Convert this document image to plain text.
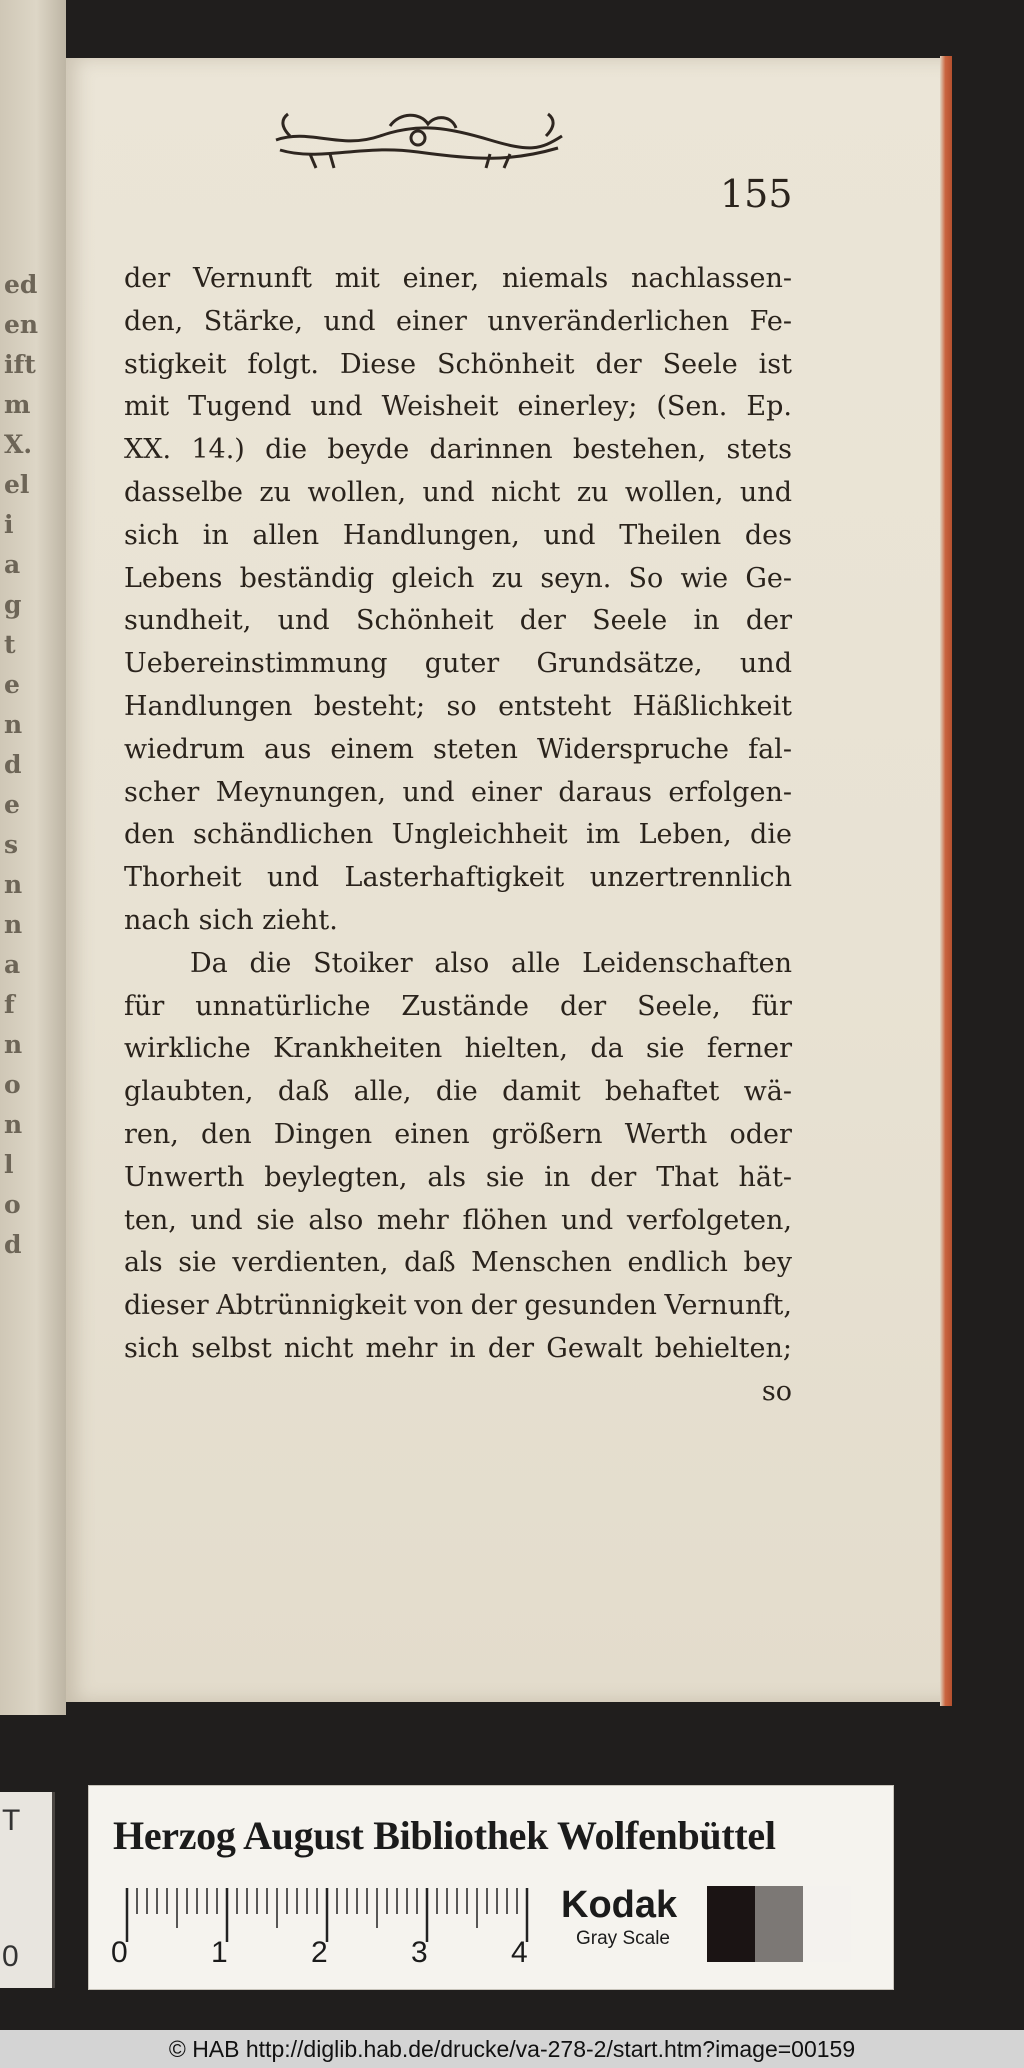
ed
en
ift
m
X.
el
i
a
g
t
e
n
d
e
s
n
n
a
f
n
o
n
l
o
d
155
der Vernunft mit einer, niemals nachlassen-
den, Stärke, und einer unveränderlichen Fe-
stigkeit folgt. Diese Schönheit der Seele ist
mit Tugend und Weisheit einerley; (Sen. Ep.
XX. 14.) die beyde darinnen bestehen, stets
dasselbe zu wollen, und nicht zu wollen, und
sich in allen Handlungen, und Theilen des
Lebens beständig gleich zu seyn. So wie Ge-
sundheit, und Schönheit der Seele in der
Uebereinstimmung guter Grundsätze, und
Handlungen besteht; so entsteht Häßlichkeit
wiedrum aus einem steten Widerspruche fal-
scher Meynungen, und einer daraus erfolgen-
den schändlichen Ungleichheit im Leben, die
Thorheit und Lasterhaftigkeit unzertrennlich
nach sich zieht.
Da die Stoiker also alle Leidenschaften
für unnatürliche Zustände der Seele, für
wirkliche Krankheiten hielten, da sie ferner
glaubten, daß alle, die damit behaftet wä-
ren, den Dingen einen größern Werth oder
Unwerth beylegten, als sie in der That hät-
ten, und sie also mehr flöhen und verfolgeten,
als sie verdienten, daß Menschen endlich bey
dieser Abtrünnigkeit von der gesunden Vernunft,
sich selbst nicht mehr in der Gewalt behielten;
so
Herzog August Bibliothek Wolfenbüttel
0	1	2	3	4
Kodak
Gray Scale
T
0
© HAB http://diglib.hab.de/drucke/va-278-2/start.htm?image=00159
